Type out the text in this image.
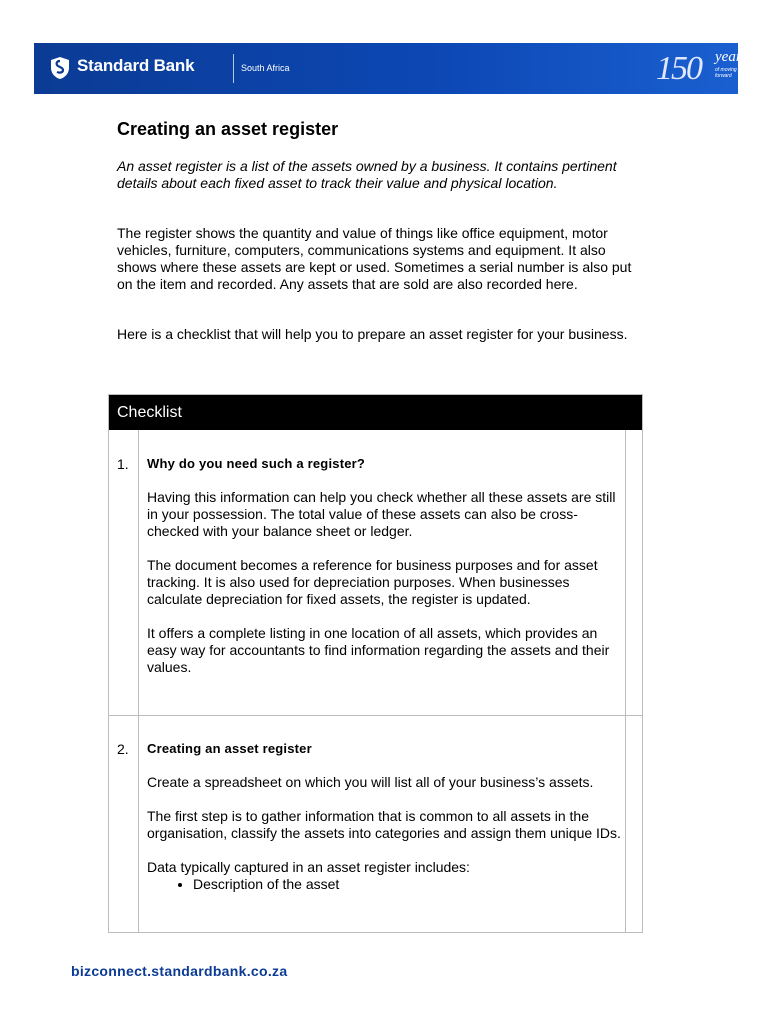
Standard Bank	South Africa	150 years
of moving you forward
Creating an asset register

An asset register is a list of the assets owned by a business. It contains pertinent details about each fixed asset to track their value and physical location.

The register shows the quantity and value of things like office equipment, motor vehicles, furniture, computers, communications systems and equipment. It also shows where these assets are kept or used. Sometimes a serial number is also put on the item and recorded. Any assets that are sold are also recorded here.

Here is a checklist that will help you to prepare an asset register for your business.

Checklist
1. Why do you need such a register?

Having this information can help you check whether all these assets are still in your possession. The total value of these assets can also be cross-checked with your balance sheet or ledger.

The document becomes a reference for business purposes and for asset tracking. It is also used for depreciation purposes. When businesses calculate depreciation for fixed assets, the register is updated.

It offers a complete listing in one location of all assets, which provides an easy way for accountants to find information regarding the assets and their values.

2. Creating an asset register

Create a spreadsheet on which you will list all of your business’s assets.

The first step is to gather information that is common to all assets in the organisation, classify the assets into categories and assign them unique IDs.

Data typically captured in an asset register includes:

• Description of the asset
bizconnect.standardbank.co.za
